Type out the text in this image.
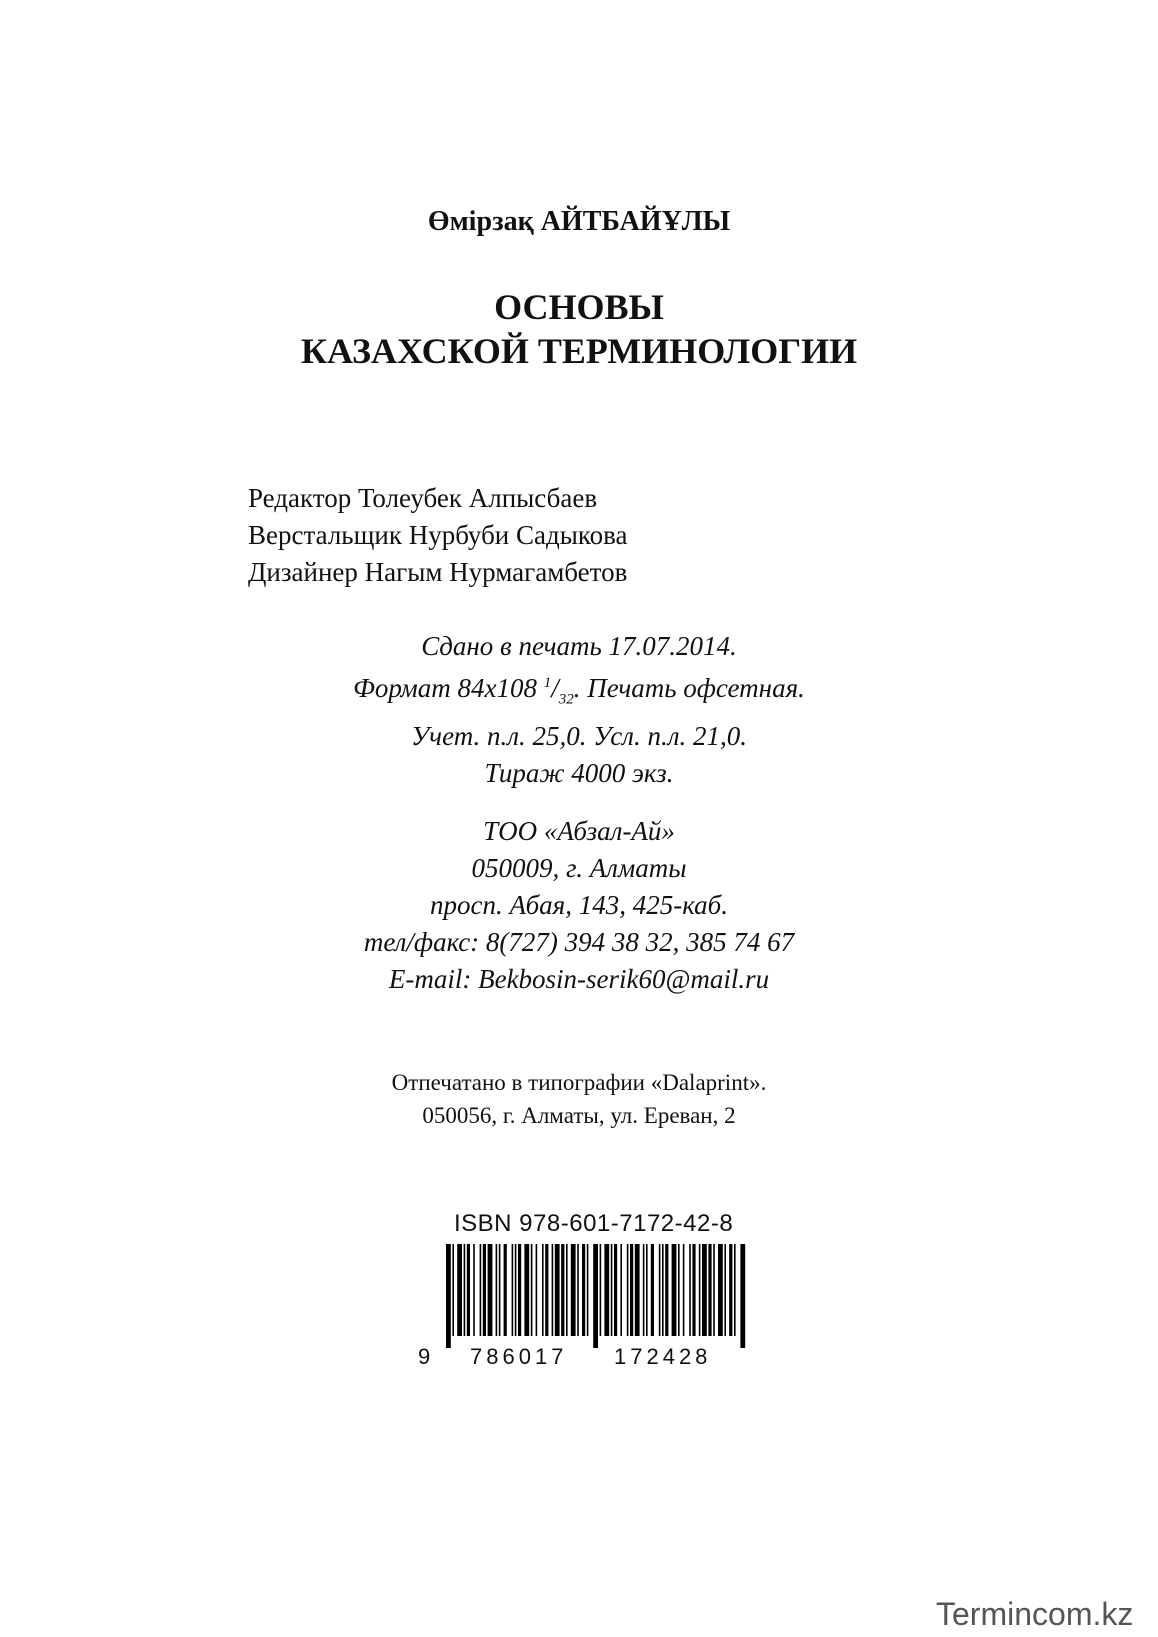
Өмірзақ АЙТБАЙҰЛЫ
ОСНОВЫ
КАЗАХСКОЙ ТЕРМИНОЛОГИИ
Редактор Толеубек Алпысбаев
Верстальщик Нурбуби Садыкова
Дизайнер Нагым Нурмагамбетов
Сдано в печать 17.07.2014.
Формат 84х108 $^1/_{32}$. Печать офсетная.
Учет. п.л. 25,0. Усл. п.л. 21,0.
Тираж 4000 экз.
ТОО «Абзал-Ай»
050009, г. Алматы
просп. Абая, 143, 425-каб.
тел/факс: 8(727) 394 38 32, 385 74 67
E-mail: Bekbosin-serik60@mail.ru
Отпечатано в типографии «Dalaprint».
050056, г. Алматы, ул. Ереван, 2
ISBN 978-601-7172-42-8
9 786017 172428
Termincom.kz
